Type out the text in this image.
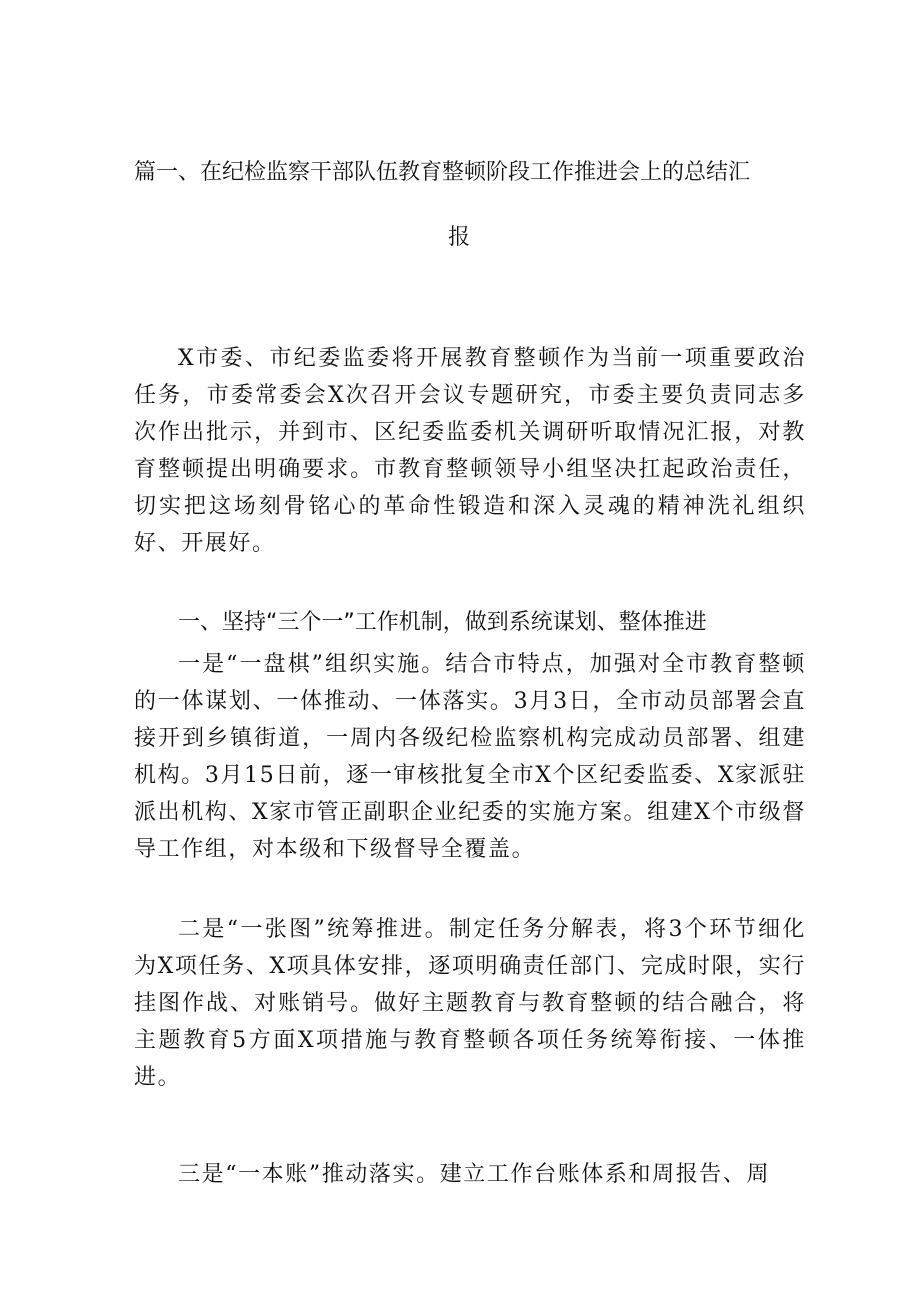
篇一、在纪检监察干部队伍教育整顿阶段工作推进会上的总结汇
报

X市委、市纪委监委将开展教育整顿作为当前一项重要政治任务，市委常委会X次召开会议专题研究，市委主要负责同志多次作出批示，并到市、区纪委监委机关调研听取情况汇报，对教育整顿提出明确要求。市教育整顿领导小组坚决扛起政治责任，切实把这场刻骨铭心的革命性锻造和深入灵魂的精神洗礼组织好、开展好。

一、坚持“三个一”工作机制，做到系统谋划、整体推进

一是“一盘棋”组织实施。结合市特点，加强对全市教育整顿的一体谋划、一体推动、一体落实。3月3日，全市动员部署会直接开到乡镇街道，一周内各级纪检监察机构完成动员部署、组建机构。3月15日前，逐一审核批复全市X个区纪委监委、X家派驻派出机构、X家市管正副职企业纪委的实施方案。组建X个市级督导工作组，对本级和下级督导全覆盖。

二是“一张图”统筹推进。制定任务分解表，将3个环节细化为X项任务、X项具体安排，逐项明确责任部门、完成时限，实行挂图作战、对账销号。做好主题教育与教育整顿的结合融合，将主题教育5方面X项措施与教育整顿各项任务统筹衔接、一体推进。

三是“一本账”推动落实。建立工作台账体系和周报告、周
